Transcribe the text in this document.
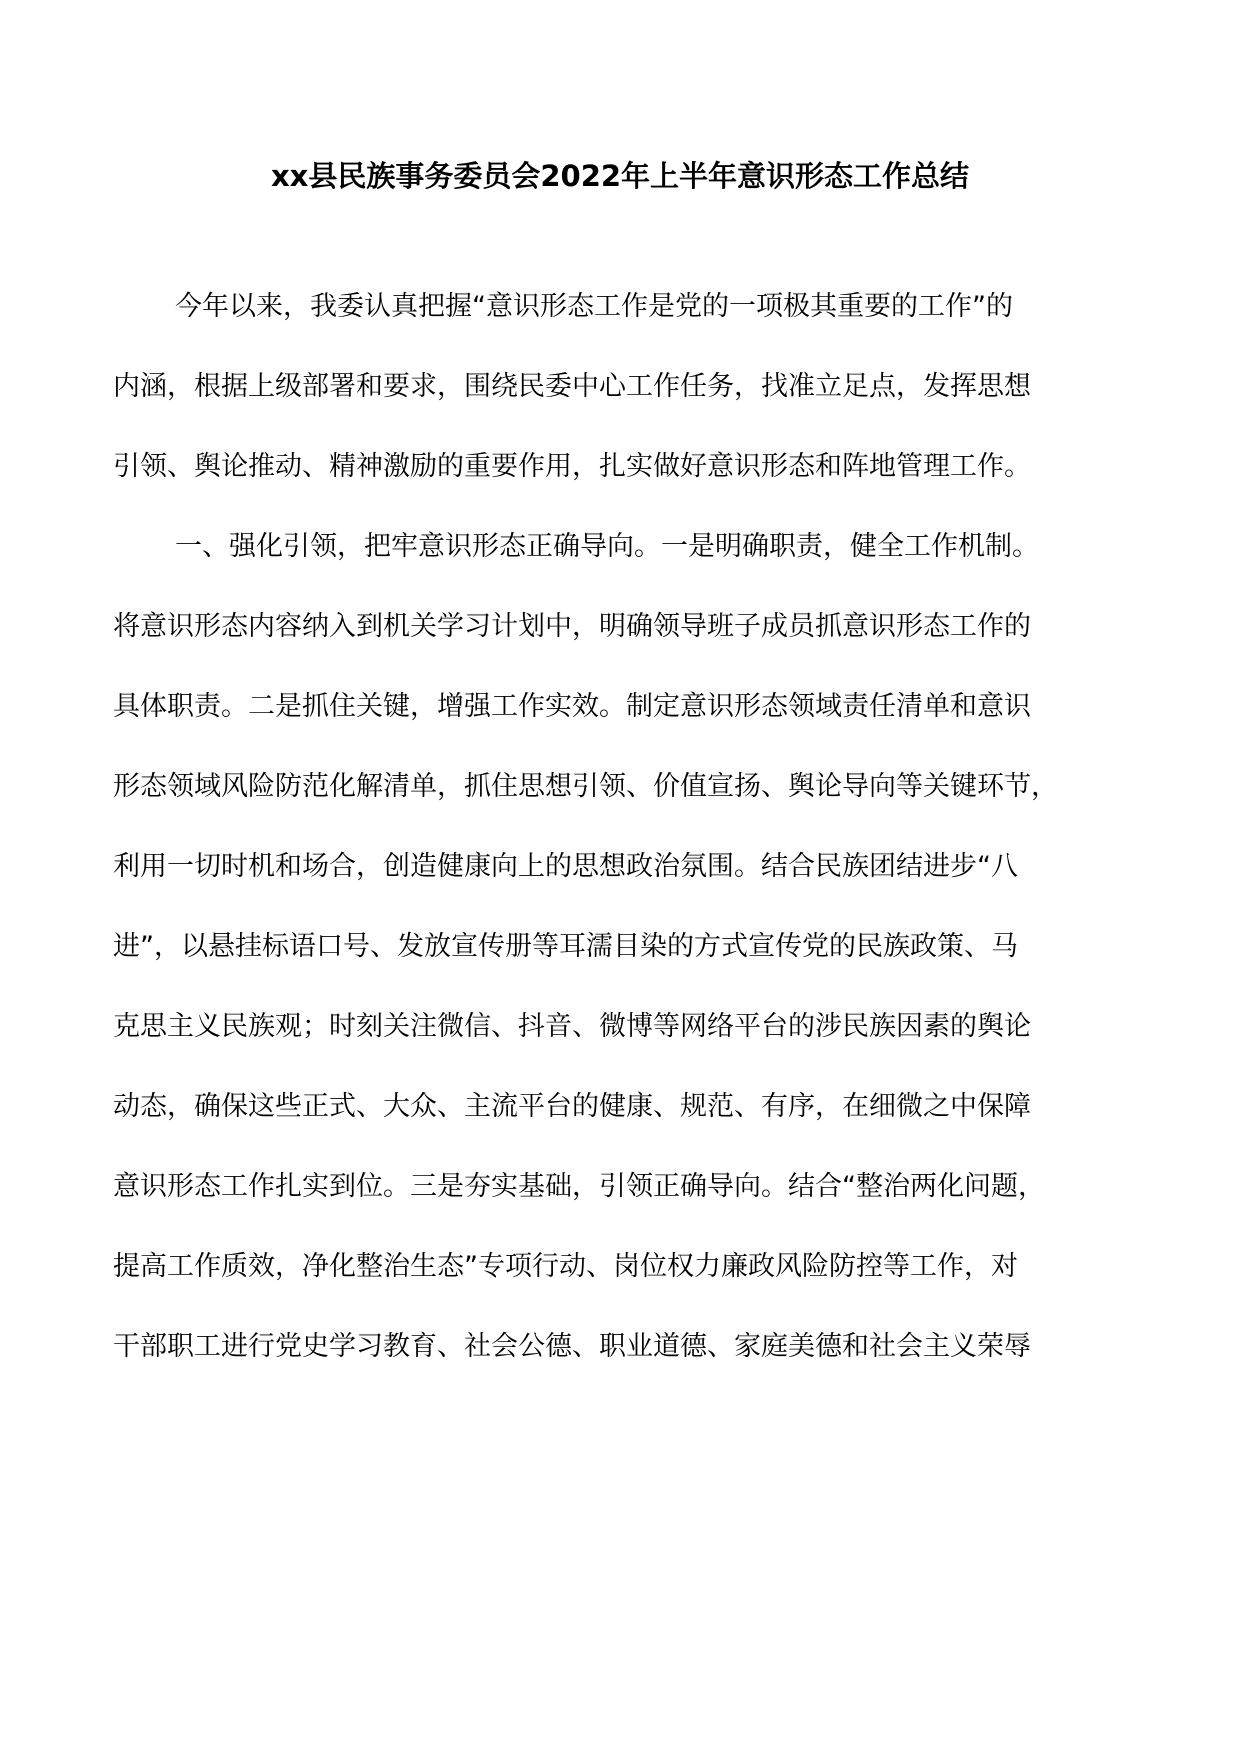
xx县民族事务委员会2022年上半年意识形态工作总结

今年以来，我委认真把握“意识形态工作是党的一项极其重要的工作”的

内涵，根据上级部署和要求，围绕民委中心工作任务，找准立足点，发挥思想

引领、舆论推动、精神激励的重要作用，扎实做好意识形态和阵地管理工作。

一、强化引领，把牢意识形态正确导向。一是明确职责，健全工作机制。

将意识形态内容纳入到机关学习计划中，明确领导班子成员抓意识形态工作的

具体职责。二是抓住关键，增强工作实效。制定意识形态领域责任清单和意识

形态领域风险防范化解清单，抓住思想引领、价值宣扬、舆论导向等关键环节，

利用一切时机和场合，创造健康向上的思想政治氛围。结合民族团结进步“八

进”，以悬挂标语口号、发放宣传册等耳濡目染的方式宣传党的民族政策、马

克思主义民族观；时刻关注微信、抖音、微博等网络平台的涉民族因素的舆论

动态，确保这些正式、大众、主流平台的健康、规范、有序，在细微之中保障

意识形态工作扎实到位。三是夯实基础，引领正确导向。结合“整治两化问题，

提高工作质效，净化整治生态”专项行动、岗位权力廉政风险防控等工作，对

干部职工进行党史学习教育、社会公德、职业道德、家庭美德和社会主义荣辱
